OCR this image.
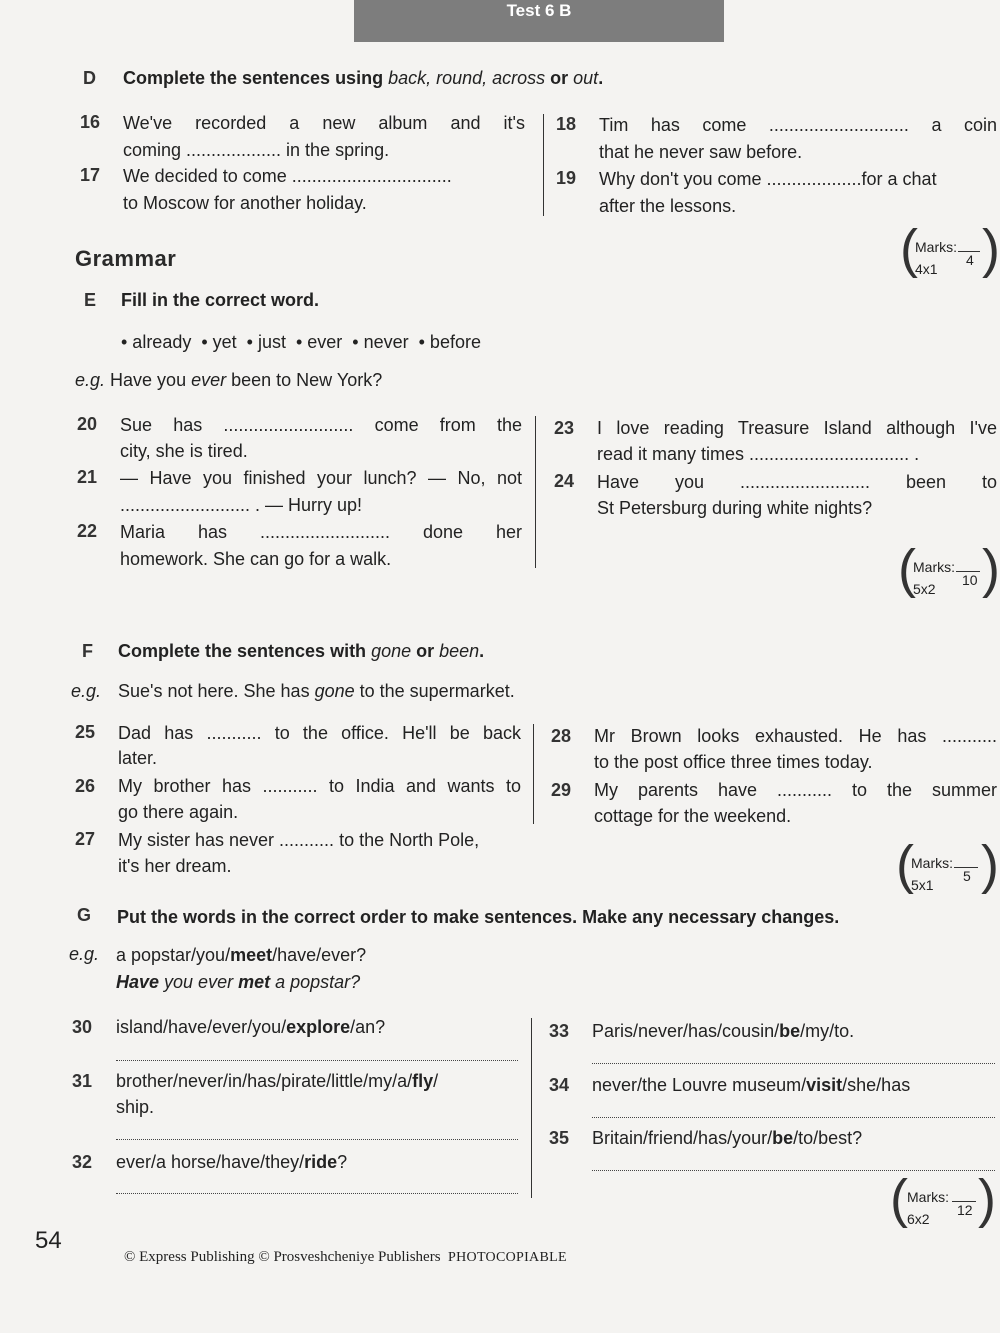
Test 6 B
D Complete the sentences using back, round, across or out.
16 We've recorded a new album and it's
coming ................... in the spring.
17 We decided to come ................................
to Moscow for another holiday.
18 Tim has come ............................ a coin
that he never saw before.
19 Why don't you come ...................for a chat
after the lessons.
(
Marks:
4
4x1 )
Grammar
E Fill in the correct word.
• already  • yet  • just  • ever  • never  • before
e.g. Have you ever been to New York?
20 Sue has .......................... come from the
city, she is tired.
21 — Have you finished your lunch? — No, not
.......................... . — Hurry up!
22 Maria has .......................... done her
homework. She can go for a walk.
23 I love reading Treasure Island although I've
read it many times ................................ .
24 Have you .......................... been to
St Petersburg during white nights?
(
Marks:
10
5x2 )
F Complete the sentences with gone or been.
e.g. Sue's not here. She has gone to the supermarket.
25 Dad has ........... to the office. He'll be back
later.
26 My brother has ........... to India and wants to
go there again.
27 My sister has never ........... to the North Pole,
it's her dream.
28 Mr Brown looks exhausted. He has ...........
to the post office three times today.
29 My parents have ........... to the summer
cottage for the weekend.
(
Marks:
5
5x1 )
G Put the words in the correct order to make sentences. Make any necessary changes.
e.g. a popstar/you/meet/have/ever?
Have you ever met a popstar?
30 island/have/ever/you/explore/an?
31 brother/never/in/has/pirate/little/my/a/fly/
ship.
32 ever/a horse/have/they/ride?
33 Paris/never/has/cousin/be/my/to.
34 never/the Louvre museum/visit/she/has
35 Britain/friend/has/your/be/to/best?
( Marks:
12
6x2 )
54
© Express Publishing © Prosveshcheniye Publishers PHOTOCOPIABLE
